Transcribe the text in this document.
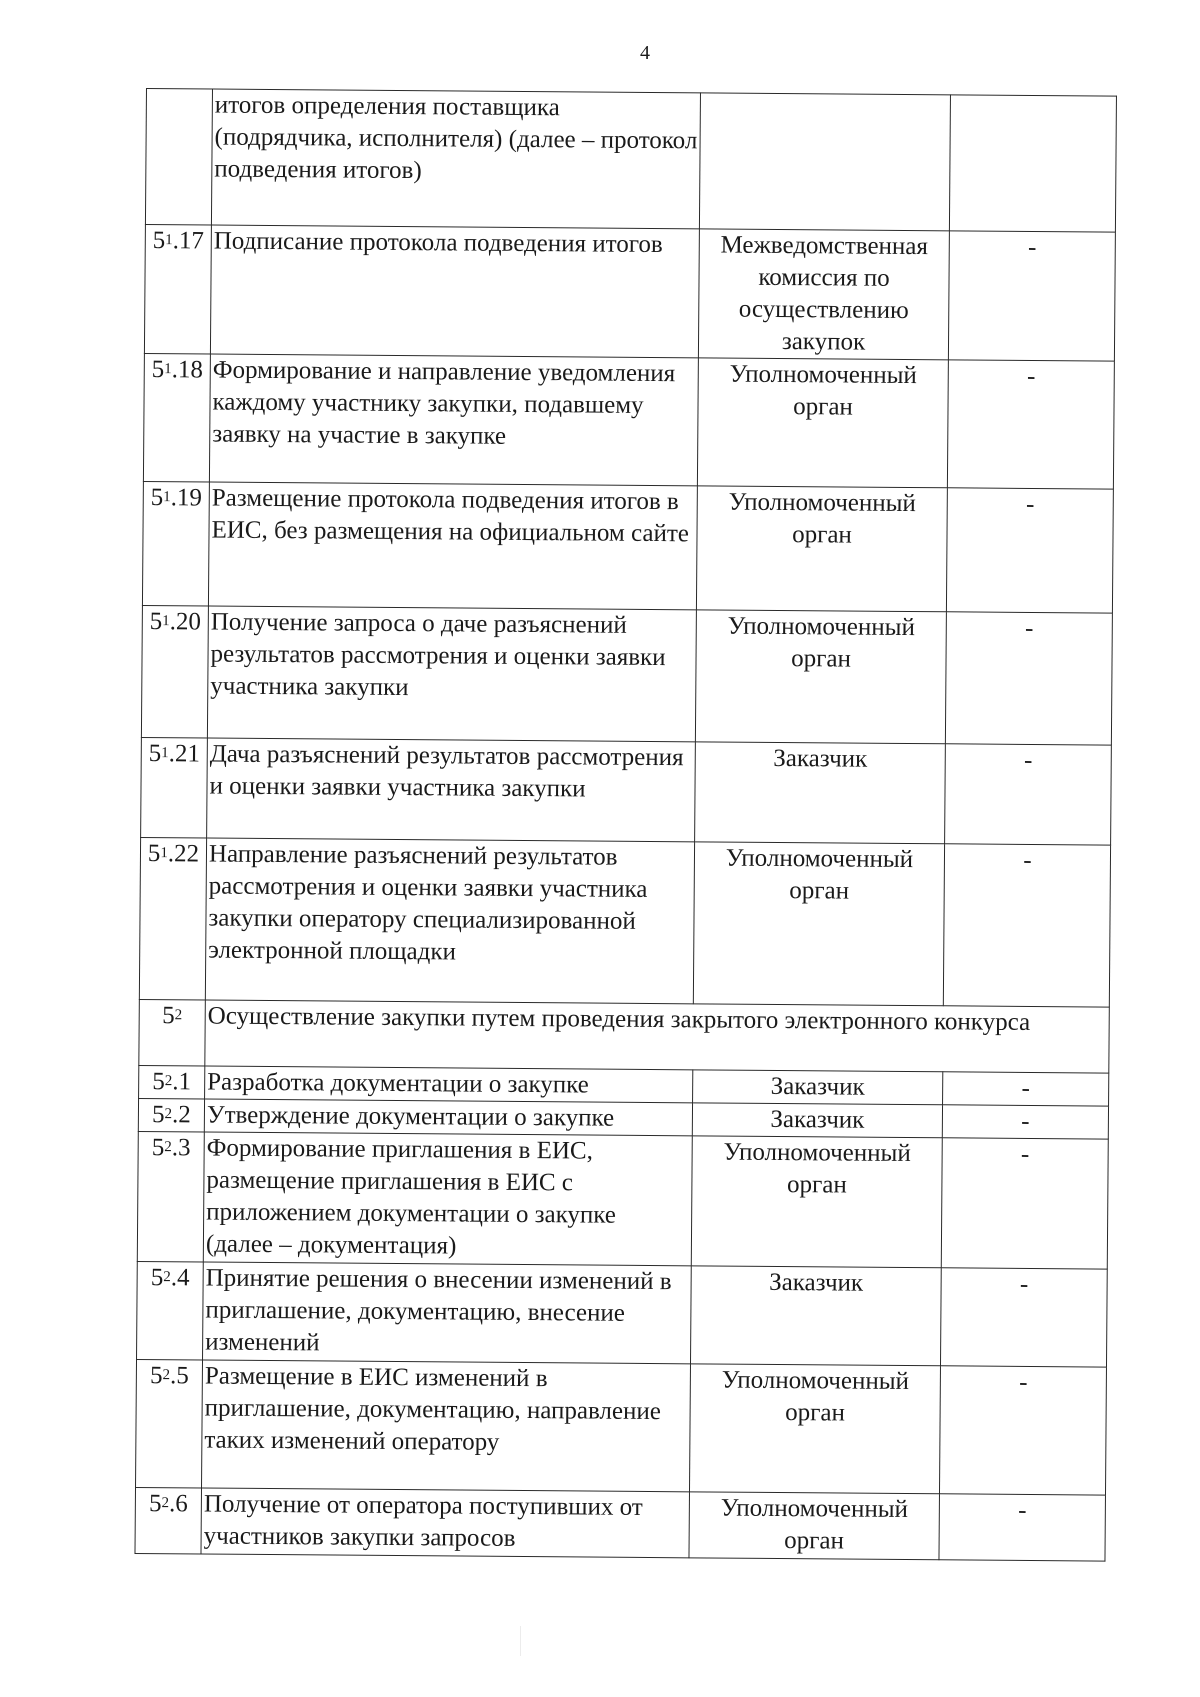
4
	итогов определения поставщика (подрядчика, исполнителя) (далее – протокол подведения итогов)		
$5^1.17$	Подписание протокола подведения итогов	Межведомственная комиссия по осуществлению закупок	-
$5^1.18$	Формирование и направление уведомления каждому участнику закупки, подавшему заявку на участие в закупке	Уполномоченный орган	-
$5^1.19$	Размещение протокола подведения итогов в ЕИС, без размещения на официальном сайте	Уполномоченный орган	-
$5^1.20$	Получение запроса о даче разъяснений результатов рассмотрения и оценки заявки участника закупки	Уполномоченный орган	-
$5^1.21$	Дача разъяснений результатов рассмотрения и оценки заявки участника закупки	Заказчик	-
$5^1.22$	Направление разъяснений результатов рассмотрения и оценки заявки участника закупки оператору специализированной электронной площадки	Уполномоченный орган	-
$5^2$	Осуществление закупки путем проведения закрытого электронного конкурса		
$5^2.1$	Разработка документации о закупке	Заказчик	-
$5^2.2$	Утверждение документации о закупке	Заказчик	-
$5^2.3$	Формирование приглашения в ЕИС, размещение приглашения в ЕИС с приложением документации о закупке (далее – документация)	Уполномоченный орган	-
$5^2.4$	Принятие решения о внесении изменений в приглашение, документацию, внесение изменений	Заказчик	-
$5^2.5$	Размещение в ЕИС изменений в приглашение, документацию, направление таких изменений оператору	Уполномоченный орган	-
$5^2.6$	Получение от оператора поступивших от участников закупки запросов	Уполномоченный орган	-
